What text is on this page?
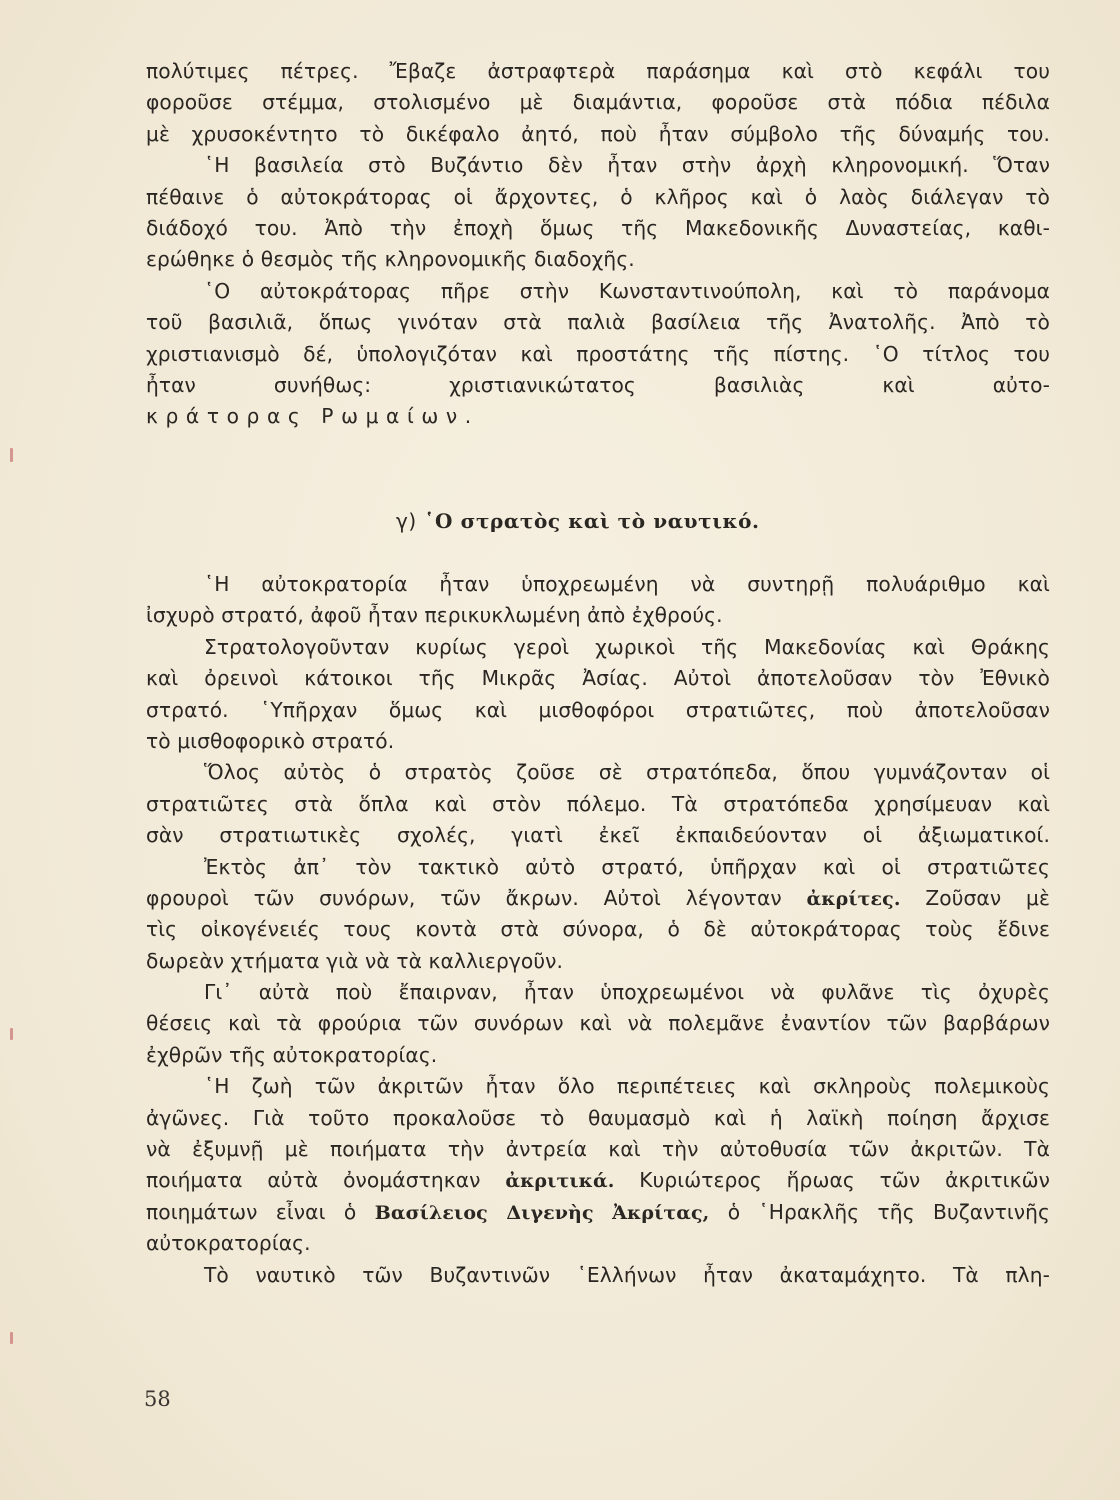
πολύτιμες πέτρες. Ἔβαζε ἀστραφτερὰ παράσημα καὶ στὸ κεφάλι του
φοροῦσε στέμμα, στολισμένο μὲ διαμάντια, φοροῦσε στὰ πόδια πέδιλα
μὲ χρυσοκέντητο τὸ δικέφαλο ἀητό, ποὺ ἦταν σύμβολο τῆς δύναμής του.
῾Η βασιλεία στὸ Βυζάντιο δὲν ἦταν στὴν ἀρχὴ κληρονομική. Ὅταν
πέθαινε ὁ αὐτοκράτορας οἱ ἄρχοντες, ὁ κλῆρος καὶ ὁ λαὸς διάλεγαν τὸ
διάδοχό του. Ἀπὸ τὴν ἐποχὴ ὅμως τῆς Μακεδονικῆς Δυναστείας, καθι-
ερώθηκε ὁ θεσμὸς τῆς κληρονομικῆς διαδοχῆς.
῾Ο αὐτοκράτορας πῆρε στὴν Κωνσταντινούπολη, καὶ τὸ παράνομα
τοῦ βασιλιᾶ, ὅπως γινόταν στὰ παλιὰ βασίλεια τῆς Ἀνατολῆς. Ἀπὸ τὸ
χριστιανισμὸ δέ, ὑπολογιζόταν καὶ προστάτης τῆς πίστης. ῾Ο τίτλος του
ἦταν συνήθως: χριστιανικώτατος βασιλιὰς καὶ αὐτο-
κράτορας Ρωμαίων.
γ) ῾Ο στρατὸς καὶ τὸ ναυτικό.
῾Η αὐτοκρατορία ἦταν ὑποχρεωμένη νὰ συντηρῇ πολυάριθμο καὶ
ἰσχυρὸ στρατό, ἀφοῦ ἦταν περικυκλωμένη ἀπὸ ἐχθρούς.
Στρατολογοῦνταν κυρίως γεροὶ χωρικοὶ τῆς Μακεδονίας καὶ Θράκης
καὶ ὀρεινοὶ κάτοικοι τῆς Μικρᾶς Ἀσίας. Αὐτοὶ ἀποτελοῦσαν τὸν Ἐθνικὸ
στρατό. ῾Υπῆρχαν ὅμως καὶ μισθοφόροι στρατιῶτες, ποὺ ἀποτελοῦσαν
τὸ μισθοφορικὸ στρατό.
Ὅλος αὐτὸς ὁ στρατὸς ζοῦσε σὲ στρατόπεδα, ὅπου γυμνάζονταν οἱ
στρατιῶτες στὰ ὅπλα καὶ στὸν πόλεμο. Τὰ στρατόπεδα χρησίμευαν καὶ
σὰν στρατιωτικὲς σχολές, γιατὶ ἐκεῖ ἐκπαιδεύονταν οἱ ἀξιωματικοί.
Ἐκτὸς ἀπ᾽ τὸν τακτικὸ αὐτὸ στρατό, ὑπῆρχαν καὶ οἱ στρατιῶτες
φρουροὶ τῶν συνόρων, τῶν ἄκρων. Αὐτοὶ λέγονταν ἀκρίτες. Ζοῦσαν μὲ
τὶς οἰκογένειές τους κοντὰ στὰ σύνορα, ὁ δὲ αὐτοκράτορας τοὺς ἔδινε
δωρεὰν χτήματα γιὰ νὰ τὰ καλλιεργοῦν.
Γι᾽ αὐτὰ ποὺ ἔπαιρναν, ἦταν ὑποχρεωμένοι νὰ φυλᾶνε τὶς ὀχυρὲς
θέσεις καὶ τὰ φρούρια τῶν συνόρων καὶ νὰ πολεμᾶνε ἐναντίον τῶν βαρβάρων
ἐχθρῶν τῆς αὐτοκρατορίας.
῾Η ζωὴ τῶν ἀκριτῶν ἦταν ὅλο περιπέτειες καὶ σκληροὺς πολεμικοὺς
ἀγῶνες. Γιὰ τοῦτο προκαλοῦσε τὸ θαυμασμὸ καὶ ἡ λαϊκὴ ποίηση ἄρχισε
νὰ ἐξυμνῇ μὲ ποιήματα τὴν ἀντρεία καὶ τὴν αὐτοθυσία τῶν ἀκριτῶν. Τὰ
ποιήματα αὐτὰ ὀνομάστηκαν ἀκριτικά. Κυριώτερος ἥρωας τῶν ἀκριτικῶν
ποιημάτων εἶναι ὁ Βασίλειος Διγενὴς Ἀκρίτας, ὁ ῾Ηρακλῆς τῆς Βυζαντινῆς
αὐτοκρατορίας.
Τὸ ναυτικὸ τῶν Βυζαντινῶν ῾Ελλήνων ἦταν ἀκαταμάχητο. Τὰ πλη-
58
